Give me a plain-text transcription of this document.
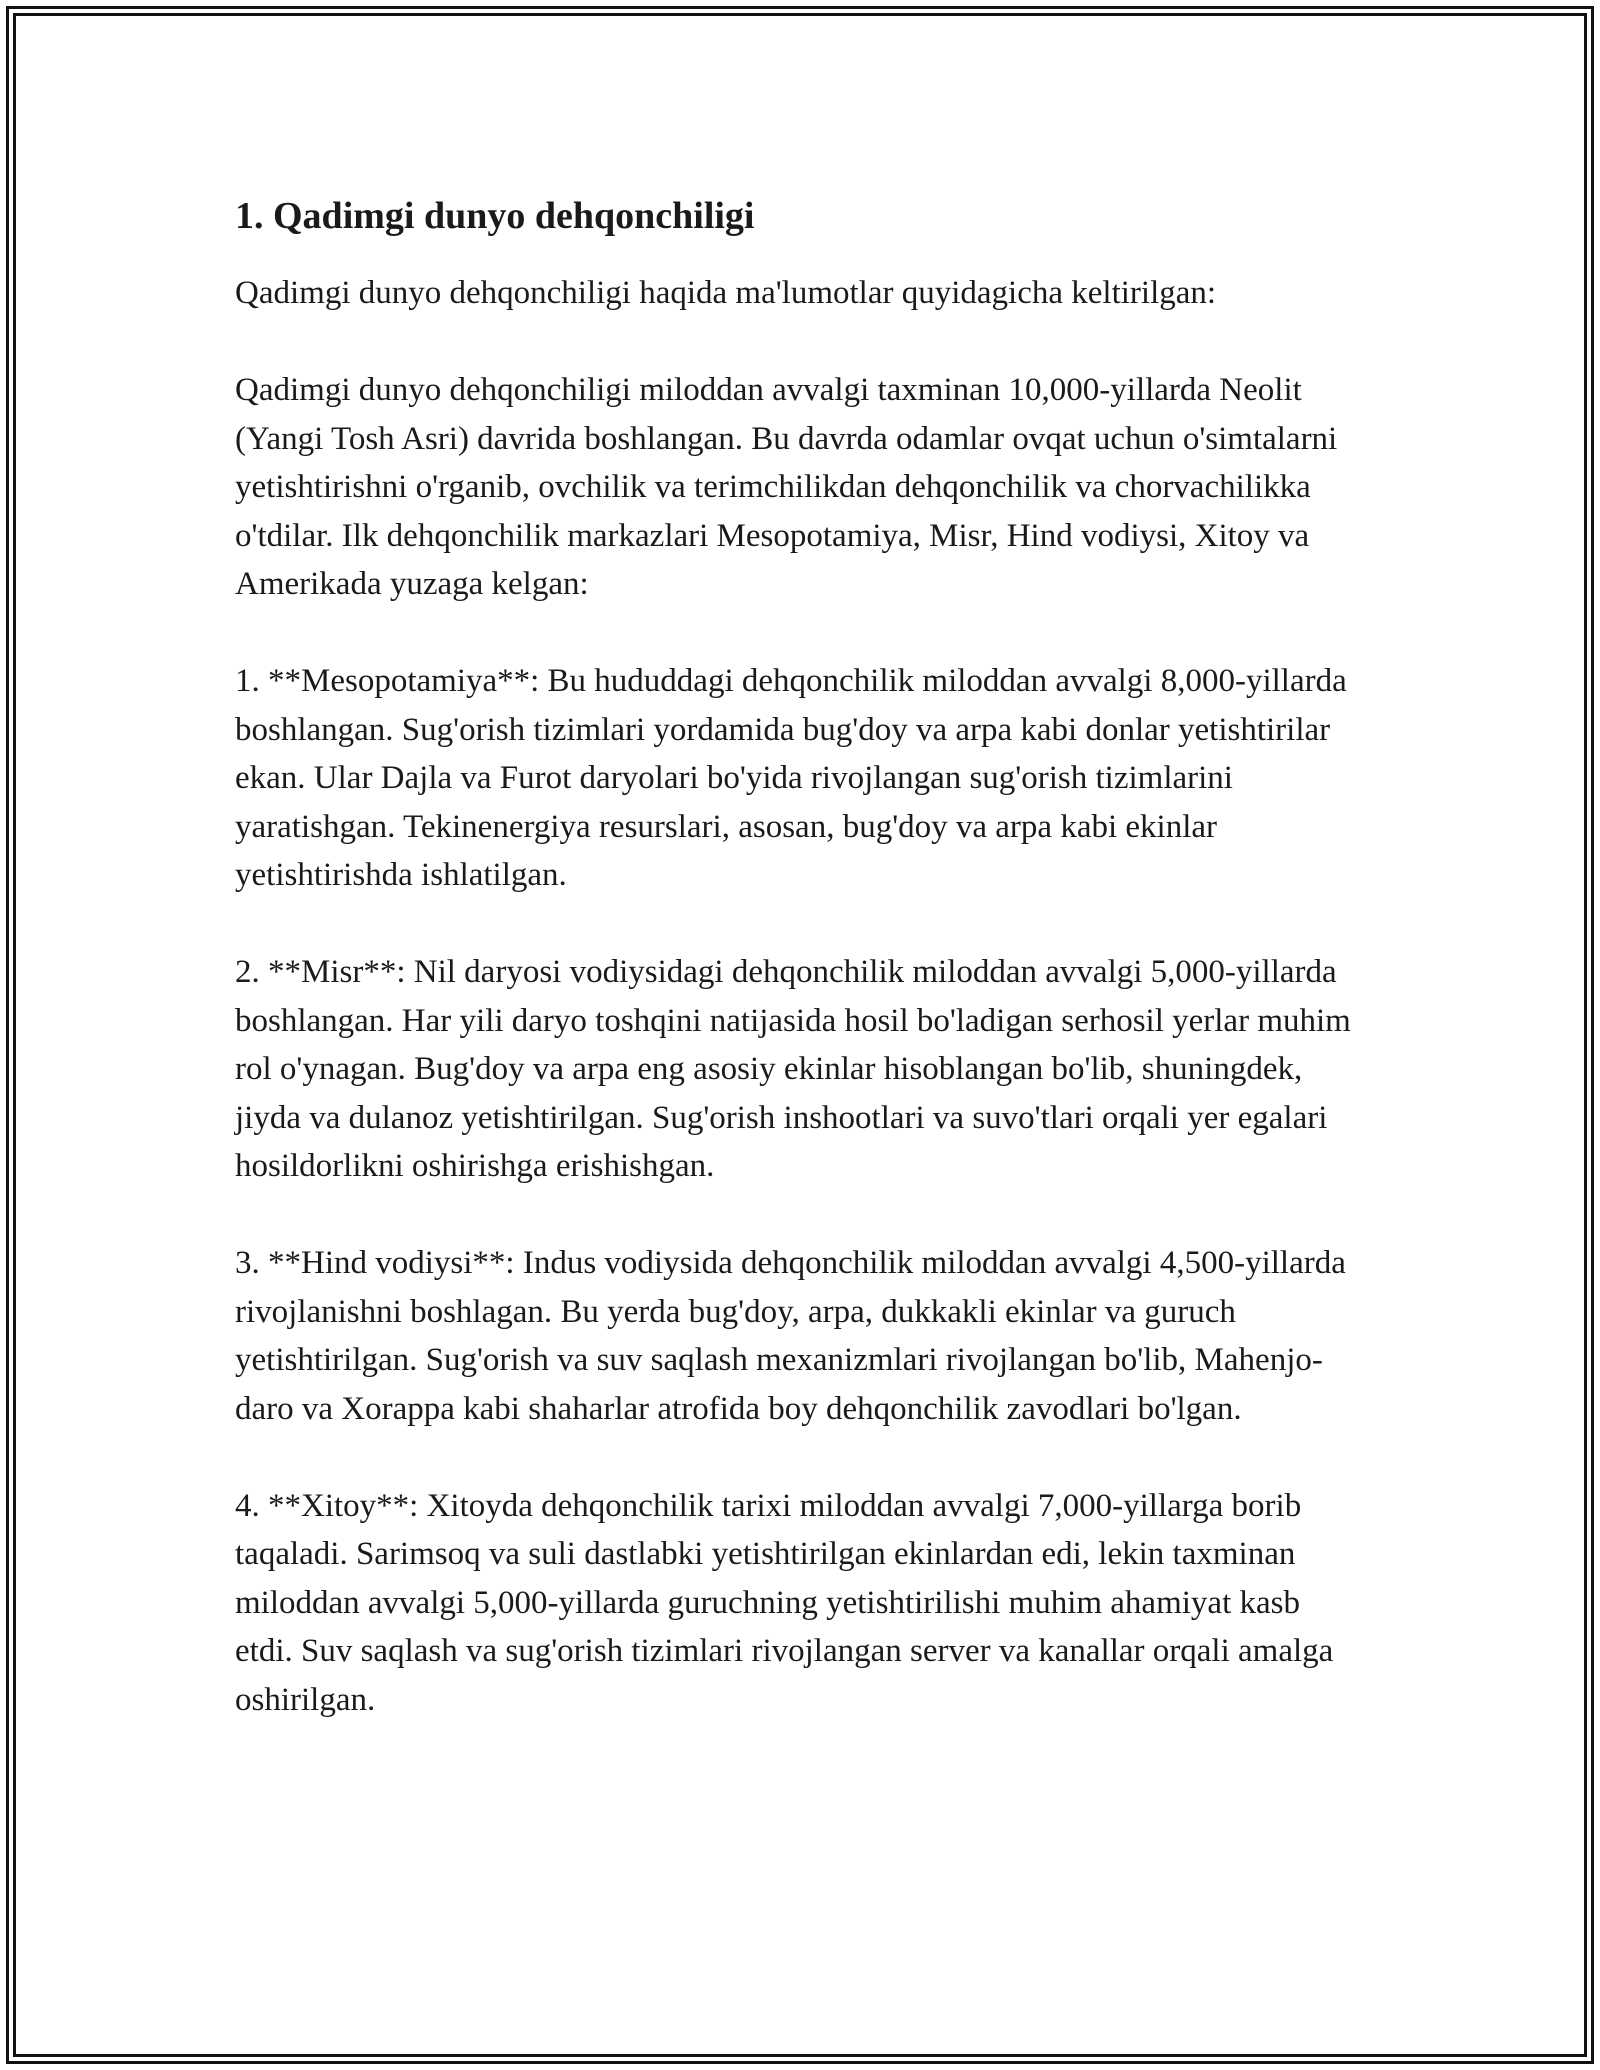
1. Qadimgi dunyo dehqonchiligi

Qadimgi dunyo dehqonchiligi haqida ma'lumotlar quyidagicha keltirilgan:

Qadimgi dunyo dehqonchiligi miloddan avvalgi taxminan 10,000-yillarda Neolit (Yangi Tosh Asri) davrida boshlangan. Bu davrda odamlar ovqat uchun o'simtalarni yetishtirishni o'rganib, ovchilik va terimchilikdan dehqonchilik va chorvachilikka o'tdilar. Ilk dehqonchilik markazlari Mesopotamiya, Misr, Hind vodiysi, Xitoy va Amerikada yuzaga kelgan:

1. **Mesopotamiya**: Bu hududdagi dehqonchilik miloddan avvalgi 8,000-yillarda boshlangan. Sug'orish tizimlari yordamida bug'doy va arpa kabi donlar yetishtirilar ekan. Ular Dajla va Furot daryolari bo'yida rivojlangan sug'orish tizimlarini yaratishgan. Tekinenergiya resurslari, asosan, bug'doy va arpa kabi ekinlar yetishtirishda ishlatilgan.

2. **Misr**: Nil daryosi vodiysidagi dehqonchilik miloddan avvalgi 5,000-yillarda boshlangan. Har yili daryo toshqini natijasida hosil bo'ladigan serhosil yerlar muhim rol o'ynagan. Bug'doy va arpa eng asosiy ekinlar hisoblangan bo'lib, shuningdek, jiyda va dulanoz yetishtirilgan. Sug'orish inshootlari va suvo'tlari orqali yer egalari hosildorlikni oshirishga erishishgan.

3. **Hind vodiysi**: Indus vodiysida dehqonchilik miloddan avvalgi 4,500-yillarda rivojlanishni boshlagan. Bu yerda bug'doy, arpa, dukkakli ekinlar va guruch yetishtirilgan. Sug'orish va suv saqlash mexanizmlari rivojlangan bo'lib, Mahenjo-daro va Xorappa kabi shaharlar atrofida boy dehqonchilik zavodlari bo'lgan.

4. **Xitoy**: Xitoyda dehqonchilik tarixi miloddan avvalgi 7,000-yillarga borib taqaladi. Sarimsoq va suli dastlabki yetishtirilgan ekinlardan edi, lekin taxminan miloddan avvalgi 5,000-yillarda guruchning yetishtirilishi muhim ahamiyat kasb etdi. Suv saqlash va sug'orish tizimlari rivojlangan server va kanallar orqali amalga oshirilgan.
